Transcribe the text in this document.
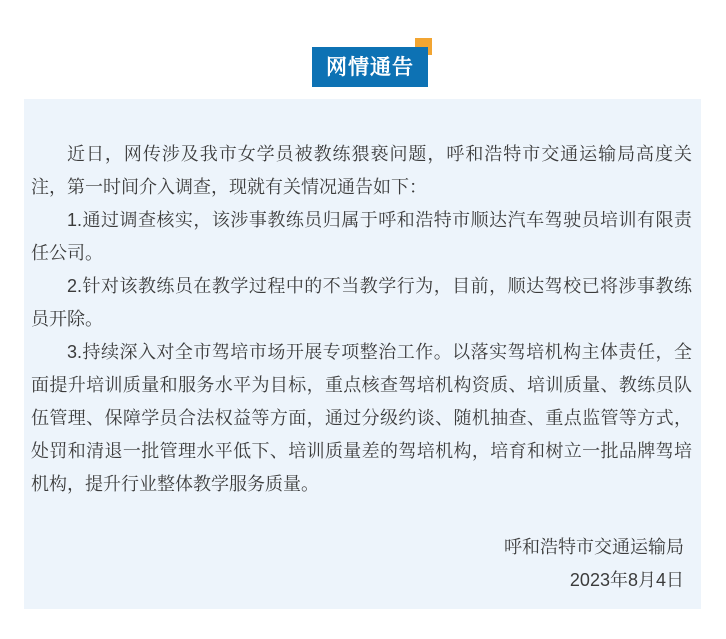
网情通告

近日，网传涉及我市女学员被教练猥亵问题，呼和浩特市交通运输局高度关注，第一时间介入调查，现就有关情况通告如下：

1.通过调查核实，该涉事教练员归属于呼和浩特市顺达汽车驾驶员培训有限责任公司。

2.针对该教练员在教学过程中的不当教学行为，目前，顺达驾校已将涉事教练员开除。

3.持续深入对全市驾培市场开展专项整治工作。以落实驾培机构主体责任，全面提升培训质量和服务水平为目标，重点核查驾培机构资质、培训质量、教练员队伍管理、保障学员合法权益等方面，通过分级约谈、随机抽查、重点监管等方式，处罚和清退一批管理水平低下、培训质量差的驾培机构，培育和树立一批品牌驾培机构，提升行业整体教学服务质量。

呼和浩特市交通运输局

2023年8月4日
